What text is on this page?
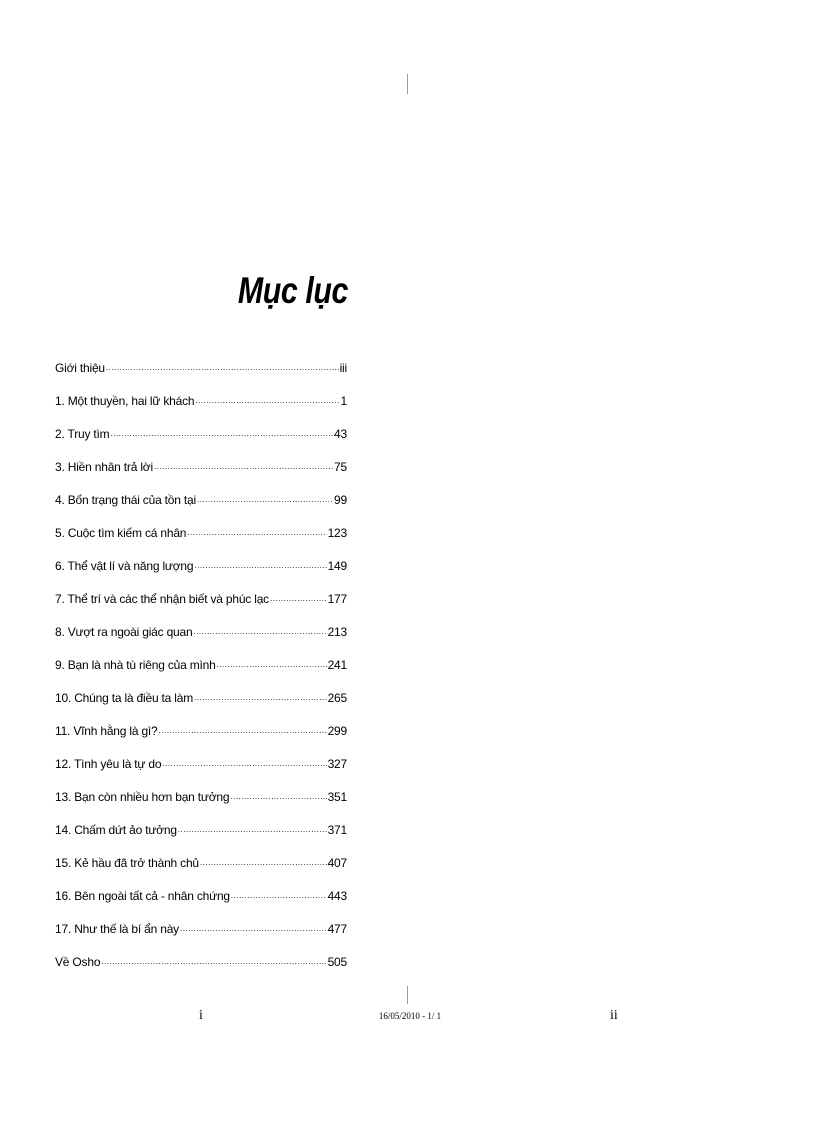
Mục lục
Giới thiệu .....	iii
1. Một thuyền, hai lữ khách .....	1
2. Truy tìm .....	43
3. Hiền nhân trả lời .....	75
4. Bốn trạng thái của tồn tại .....	99
5. Cuộc tìm kiếm cá nhân .....	123
6. Thể vật lí và năng lượng .....	149
7. Thể trí và các thể nhận biết và phúc lạc .....	177
8. Vượt ra ngoài giác quan .....	213
9. Bạn là nhà tù riêng của mình .....	241
10. Chúng ta là điều ta làm .....	265
11. Vĩnh hằng là gì? .....	299
12. Tình yêu là tự do .....	327
13. Bạn còn nhiều hơn bạn tưởng .....	351
14. Chấm dứt ảo tưởng .....	371
15. Kẻ hầu đã trở thành chủ .....	407
16. Bên ngoài tất cả - nhân chứng .....	443
17. Như thế là bí ẩn này .....	477
Về Osho .....	505
i	16/05/2010 - 1/ 1	ii
